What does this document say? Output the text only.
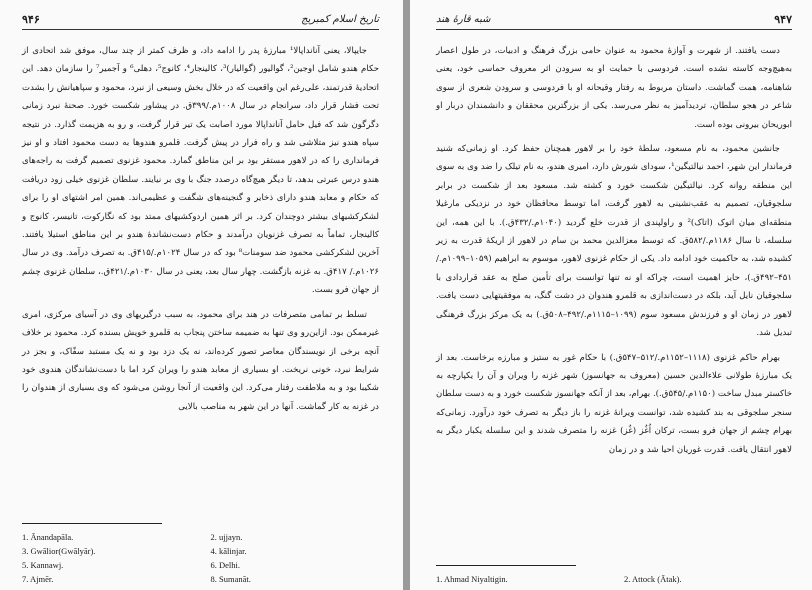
۹۴۶	تاریخ اسلام کمبریج

جایپالا، یعنی آنانداپالا¹ مبارزهٔ پدر را ادامه داد، و ظرف کمتر از چند سال، موفق شد اتحادی از حکام هندو شامل اوجین²، گوالیور (گوالیار)³، کالینجار⁴، کانوج⁵، دهلی⁶ و آجمیر⁷ را سازمان دهد. این اتحادیهٔ قدرتمند، علی‌رغم این واقعیت که در خلال بخش وسیعی از نبرد، محمود و سپاهیانش را بشدت تحت فشار قرار داد، سرانجام در سال ۱۰۰۸م./۳۹۹ق. در پیشاور شکست خورد. صحنهٔ نبرد زمانی دگرگون شد که فیل حامل آنانداپالا مورد اصابت یک تیر قرار گرفت، و رو به هزیمت گذارد. در نتیجه سپاه هندو نیز متلاشی شد و راه فرار در پیش گرفت. قلمرو هندوها به دست محمود افتاد و او نیز فرمانداری را که در لاهور مستقر بود بر این مناطق گمارد. محمود غزنوی تصمیم گرفت به راجه‌های هندو درس عبرتی بدهد، تا دیگر هیچ‌گاه درصدد جنگ با وی بر نیایند. سلطان غزنوی خیلی زود دریافت که حکام و معابد هندو دارای ذخایر و گنجینه‌های شگفت و عظیمی‌اند. همین امر اشتهای او را برای لشکرکشیهای بیشتر دوچندان کرد. بر اثر همین اردوکشیهای ممتد بود که نگارکوت، تانیسر، کانوج و کالینجار، تماماً به تصرف غزنویان درآمدند و حکام دست‌نشاندهٔ هندو بر این مناطق استیلا یافتند. آخرین لشکرکشی محمود ضد سومنات⁸ بود که در سال ۱۰۲۴م./۴۱۵ق. به تصرف درآمد. وی در سال ۱۰۲۶م./ ۴۱۷ق. به غزنه بازگشت. چهار سال بعد، یعنی در سال ۱۰۳۰م./۴۲۱ق.، سلطان غزنوی چشم از جهان فرو بست.

تسلط بر تمامی متصرفات در هند برای محمود، به سبب درگیریهای وی در آسیای مرکزی، امری غیرممکن بود. ازاین‌رو وی تنها به ضمیمه ساختن پنجاب به قلمرو خویش بسنده کرد. محمود بر خلاف آنچه برخی از نویسندگان معاصر تصور کرده‌اند، نه یک دزد بود و نه یک مستبد سفّاک، و بجز در شرایط نبرد، خونی نریخت. او بسیاری از معابد هندو را ویران کرد اما با دست‌نشاندگان هندوی خود شکیبا بود و به ملاطفت رفتار می‌کرد. این واقعیت از آنجا روشن می‌شود که وی بسیاری از هندوان را در غزنه به کار گماشت. آنها در این شهر به مناصب بالایی

1. Ānandapāla.	2. ujjayn.
3. Gwālior(Gwālyār).	4. kālinjar.
5. Kannawj.	6. Delhi.
7. Ajmēr.	8. Sumanāt.
شبه قارهٔ هند	۹۴۷

دست یافتند. از شهرت و آوازهٔ محمود به عنوان حامی بزرگ فرهنگ و ادبیات، در طول اعصار به‌هیچ‌وجه کاسته نشده است. فردوسی با حمایت او به سرودن اثر معروف حماسی خود، یعنی شاهنامه، همت گماشت. داستان مربوط به رفتار وقیحانه او با فردوسی و سرودن شعری از سوی شاعر در هجو سلطان، تردیدآمیز به نظر می‌رسد. یکی از بزرگترین محققان و دانشمندان دربار او ابوریحان بیرونی بوده است.

جانشین محمود، به نام مسعود، سلطهٔ خود را بر لاهور همچنان حفظ کرد. او زمانی‌که شنید فرماندار این شهر، احمد نیالتیگین¹، سودای شورش دارد، امیری هندو، به نام تیلک را ضد وی به سوی این منطقه روانه کرد. نیالتیگین شکست خورد و کشته شد. مسعود بعد از شکست در برابر سلجوقیان، تصمیم به عقب‌نشینی به لاهور گرفت، اما توسط محافظان خود در نزدیکی مارغیلا منطقه‌ای میان اتوک (اتاک)² و راولپندی از قدرت خلع گردید (۱۰۴۰م./۴۳۲ق.). با این همه، این سلسله، تا سال ۱۱۸۶م./۵۸۲ق. که توسط معزالدین محمد بن سام در لاهور از اریکهٔ قدرت به زیر کشیده شد، به حاکمیت خود ادامه داد. یکی از حکام غزنوی لاهور، موسوم به ابراهیم (۱۰۵۹–۱۰۹۹م./۴۵۱–۴۹۲ق.)، حایز اهمیت است، چراکه او نه تنها توانست برای تأمین صلح به عقد قراردادی با سلجوقیان نایل آید، بلکه در دست‌اندازی به قلمرو هندوان در دشت گنگ، به موفقیتهایی دست یافت. لاهور در زمان او و فرزندش مسعود سوم (۱۰۹۹–۱۱۱۵م./۴۹۲–۵۰۸ق.) به یک مرکز بزرگ فرهنگی تبدیل شد.

بهرام حاکم غزنوی (۱۱۱۸–۱۱۵۲م./۵۱۲–۵۴۷ق.) با حکام غور به ستیز و مبارزه برخاست. بعد از یک مبارزهٔ طولانی علاءالدین حسین (معروف به جهانسوز) شهر غزنه را ویران و آن را یکپارچه به خاکستر مبدل ساخت (۱۱۵۰م./۵۴۵ق.). بهرام، بعد از آنکه جهانسوز شکست خورد و به دست سلطان سنجر سلجوقی به بند کشیده شد، توانست ویرانهٔ غزنه را باز دیگر به تصرف خود درآورد. زمانی‌که بهرام چشم از جهان فرو بست، ترکان اُغُز (غُز) غزنه را متصرف شدند و این سلسله یکبار دیگر به لاهور انتقال یافت. قدرت غوریان احیا شد و در زمان

1. Ahmad Niyaltigin.	2. Attock (Ātak).
